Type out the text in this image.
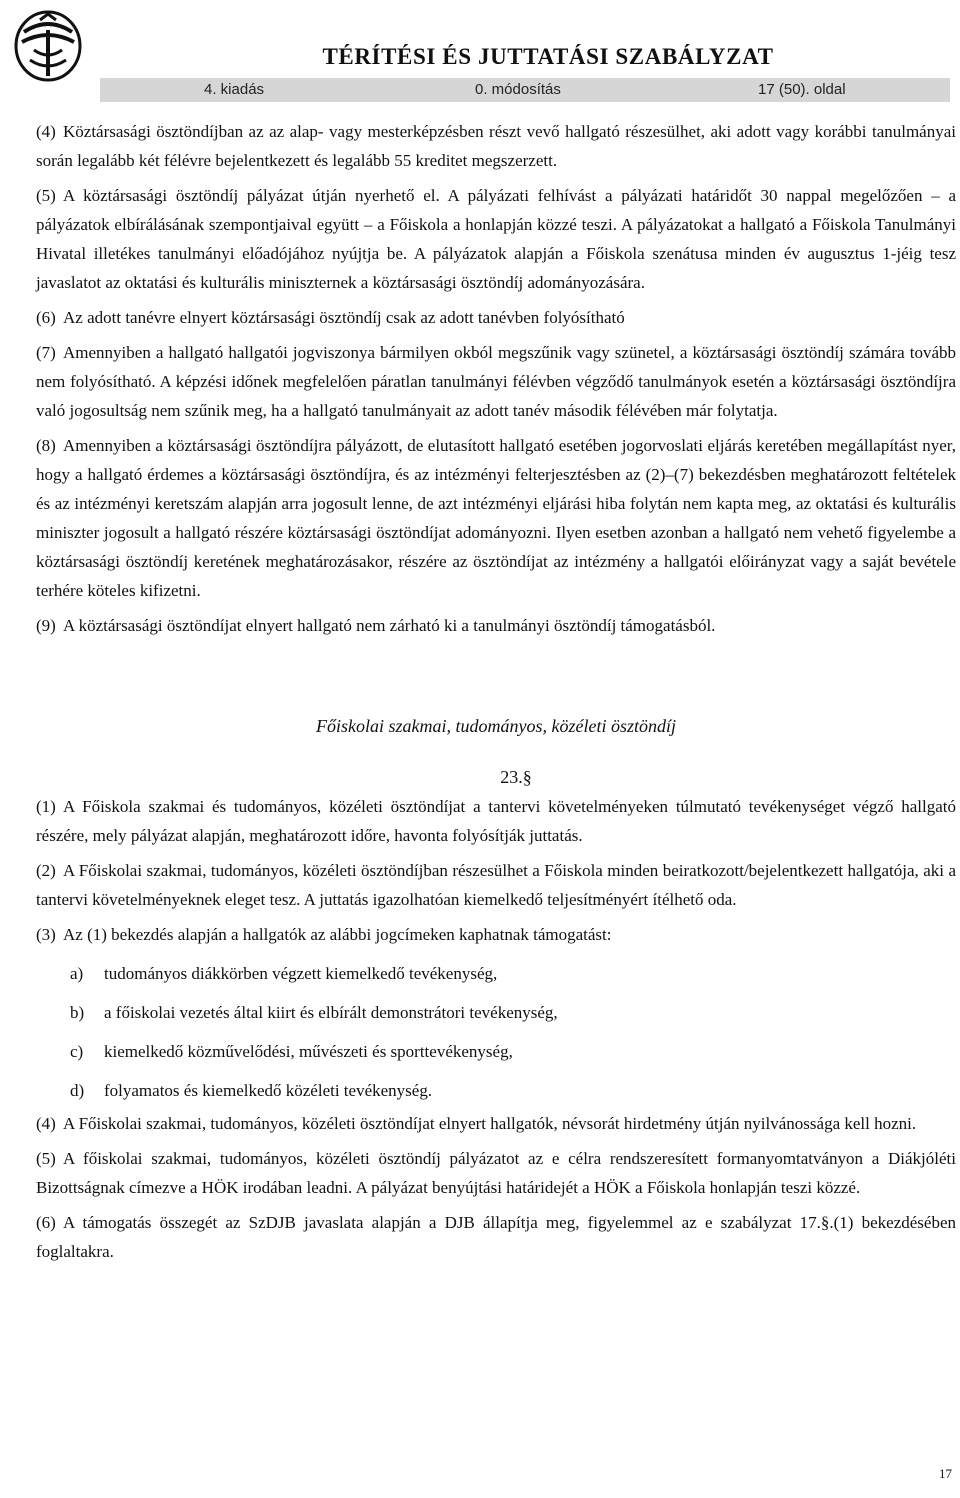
TÉRÍTÉSI ÉS JUTTATÁSI SZABÁLYZAT
4. kiadás	0. módosítás	17 (50). oldal

(4) Köztársasági ösztöndíjban az az alap- vagy mesterképzésben részt vevő hallgató részesülhet, aki adott vagy korábbi tanulmányai során legalább két félévre bejelentkezett és legalább 55 kreditet megszerzett.

(5) A köztársasági ösztöndíj pályázat útján nyerhető el. A pályázati felhívást a pályázati határidőt 30 nappal megelőzően – a pályázatok elbírálásának szempontjaival együtt – a Főiskola a honlapján közzé teszi. A pályázatokat a hallgató a Főiskola Tanulmányi Hivatal illetékes tanulmányi előadójához nyújtja be. A pályázatok alapján a Főiskola szenátusa minden év augusztus 1-jéig tesz javaslatot az oktatási és kulturális miniszternek a köztársasági ösztöndíj adományozására.

(6) Az adott tanévre elnyert köztársasági ösztöndíj csak az adott tanévben folyósítható

(7) Amennyiben a hallgató hallgatói jogviszonya bármilyen okból megszűnik vagy szünetel, a köztársasági ösztöndíj számára tovább nem folyósítható. A képzési időnek megfelelően páratlan tanulmányi félévben végződő tanulmányok esetén a köztársasági ösztöndíjra való jogosultság nem szűnik meg, ha a hallgató tanulmányait az adott tanév második félévében már folytatja.

(8) Amennyiben a köztársasági ösztöndíjra pályázott, de elutasított hallgató esetében jogorvoslati eljárás keretében megállapítást nyer, hogy a hallgató érdemes a köztársasági ösztöndíjra, és az intézményi felterjesztésben az (2)–(7) bekezdésben meghatározott feltételek és az intézményi keretszám alapján arra jogosult lenne, de azt intézményi eljárási hiba folytán nem kapta meg, az oktatási és kulturális miniszter jogosult a hallgató részére köztársasági ösztöndíjat adományozni. Ilyen esetben azonban a hallgató nem vehető figyelembe a köztársasági ösztöndíj keretének meghatározásakor, részére az ösztöndíjat az intézmény a hallgatói előirányzat vagy a saját bevétele terhére köteles kifizetni.

(9) A köztársasági ösztöndíjat elnyert hallgató nem zárható ki a tanulmányi ösztöndíj támogatásból.

Főiskolai szakmai, tudományos, közéleti ösztöndíj
23.§

(1) A Főiskola szakmai és tudományos, közéleti ösztöndíjat a tantervi követelményeken túlmutató tevékenységet végző hallgató részére, mely pályázat alapján, meghatározott időre, havonta folyósítják juttatás.

(2) A Főiskolai szakmai, tudományos, közéleti ösztöndíjban részesülhet a Főiskola minden beiratkozott/bejelentkezett hallgatója, aki a tantervi követelményeknek eleget tesz. A juttatás igazolhatóan kiemelkedő teljesítményért ítélhető oda.

(3) Az (1) bekezdés alapján a hallgatók az alábbi jogcímeken kaphatnak támogatást:

a) tudományos diákkörben végzett kiemelkedő tevékenység,
b) a főiskolai vezetés által kiirt és elbírált demonstrátori tevékenység,
c) kiemelkedő közművelődési, művészeti és sporttevékenység,
d) folyamatos és kiemelkedő közéleti tevékenység.

(4) A Főiskolai szakmai, tudományos, közéleti ösztöndíjat elnyert hallgatók, névsorát hirdetmény útján nyilvánossága kell hozni.

(5) A főiskolai szakmai, tudományos, közéleti ösztöndíj pályázatot az e célra rendszeresített formanyomtatványon a Diákjóléti Bizottságnak címezve a HÖK irodában leadni. A pályázat benyújtási határidejét a HÖK a Főiskola honlapján teszi közzé.

(6) A támogatás összegét az SzDJB javaslata alapján a DJB állapítja meg, figyelemmel az e szabályzat 17.§.(1) bekezdésében foglaltakra.

17
